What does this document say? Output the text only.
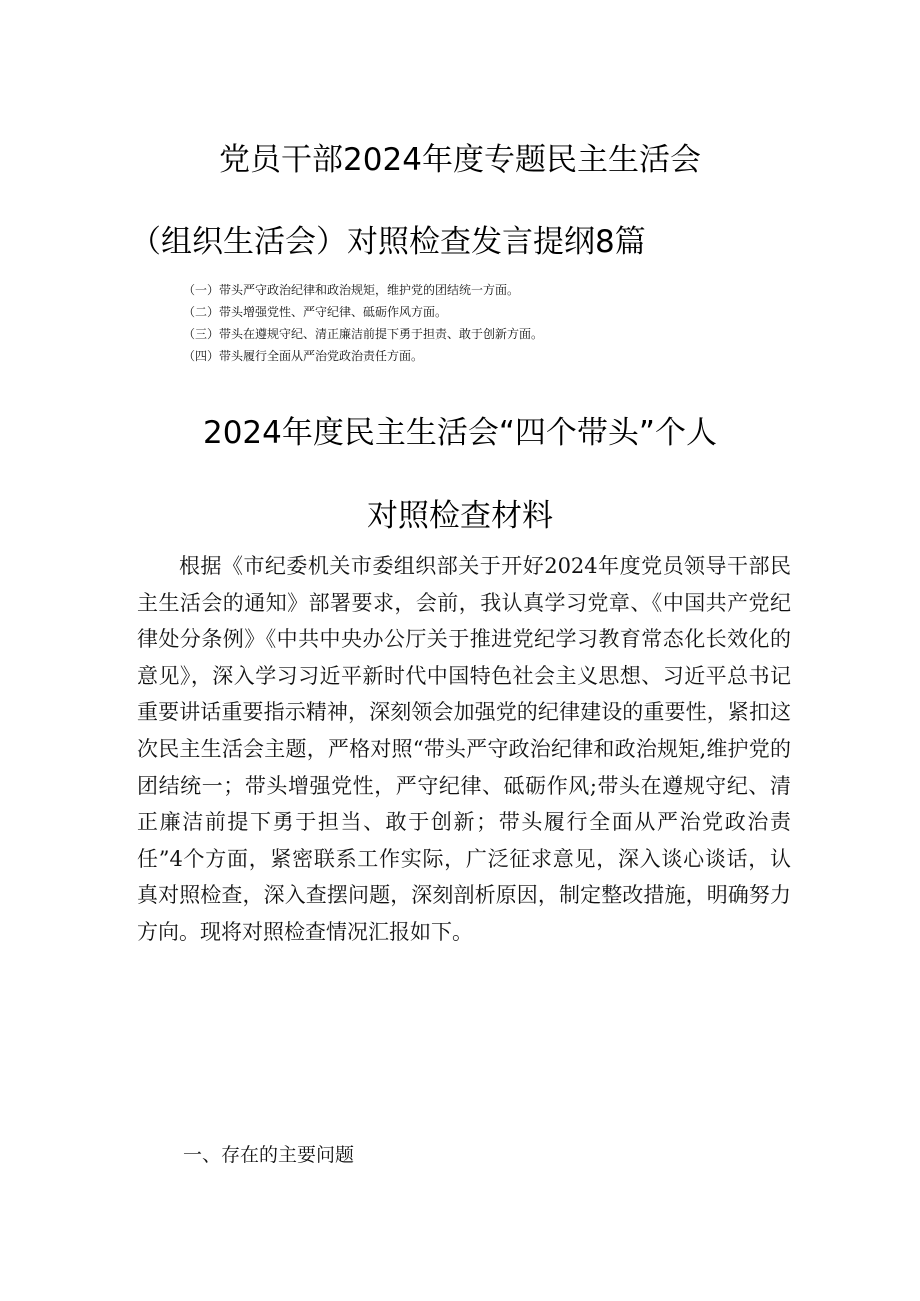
党员干部2024年度专题民主生活会
（组织生活会）对照检查发言提纲8篇
（一）带头严守政治纪律和政治规矩，维护党的团结统一方面。
（二）带头增强党性、严守纪律、砥砺作风方面。
（三）带头在遵规守纪、清正廉洁前提下勇于担责、敢于创新方面。
（四）带头履行全面从严治党政治责任方面。
2024年度民主生活会“四个带头”个人
对照检查材料

根据《市纪委机关市委组织部关于开好2024年度党员领导干部民主生活会的通知》部署要求，会前，我认真学习党章、《中国共产党纪律处分条例》《中共中央办公厅关于推进党纪学习教育常态化长效化的意见》，深入学习习近平新时代中国特色社会主义思想、习近平总书记重要讲话重要指示精神，深刻领会加强党的纪律建设的重要性，紧扣这次民主生活会主题，严格对照“带头严守政治纪律和政治规矩,维护党的团结统一；带头增强党性，严守纪律、砥砺作风;带头在遵规守纪、清正廉洁前提下勇于担当、敢于创新；带头履行全面从严治党政治责任”4个方面，紧密联系工作实际，广泛征求意见，深入谈心谈话，认真对照检查，深入查摆问题，深刻剖析原因，制定整改措施，明确努力方向。现将对照检查情况汇报如下。

一、存在的主要问题
